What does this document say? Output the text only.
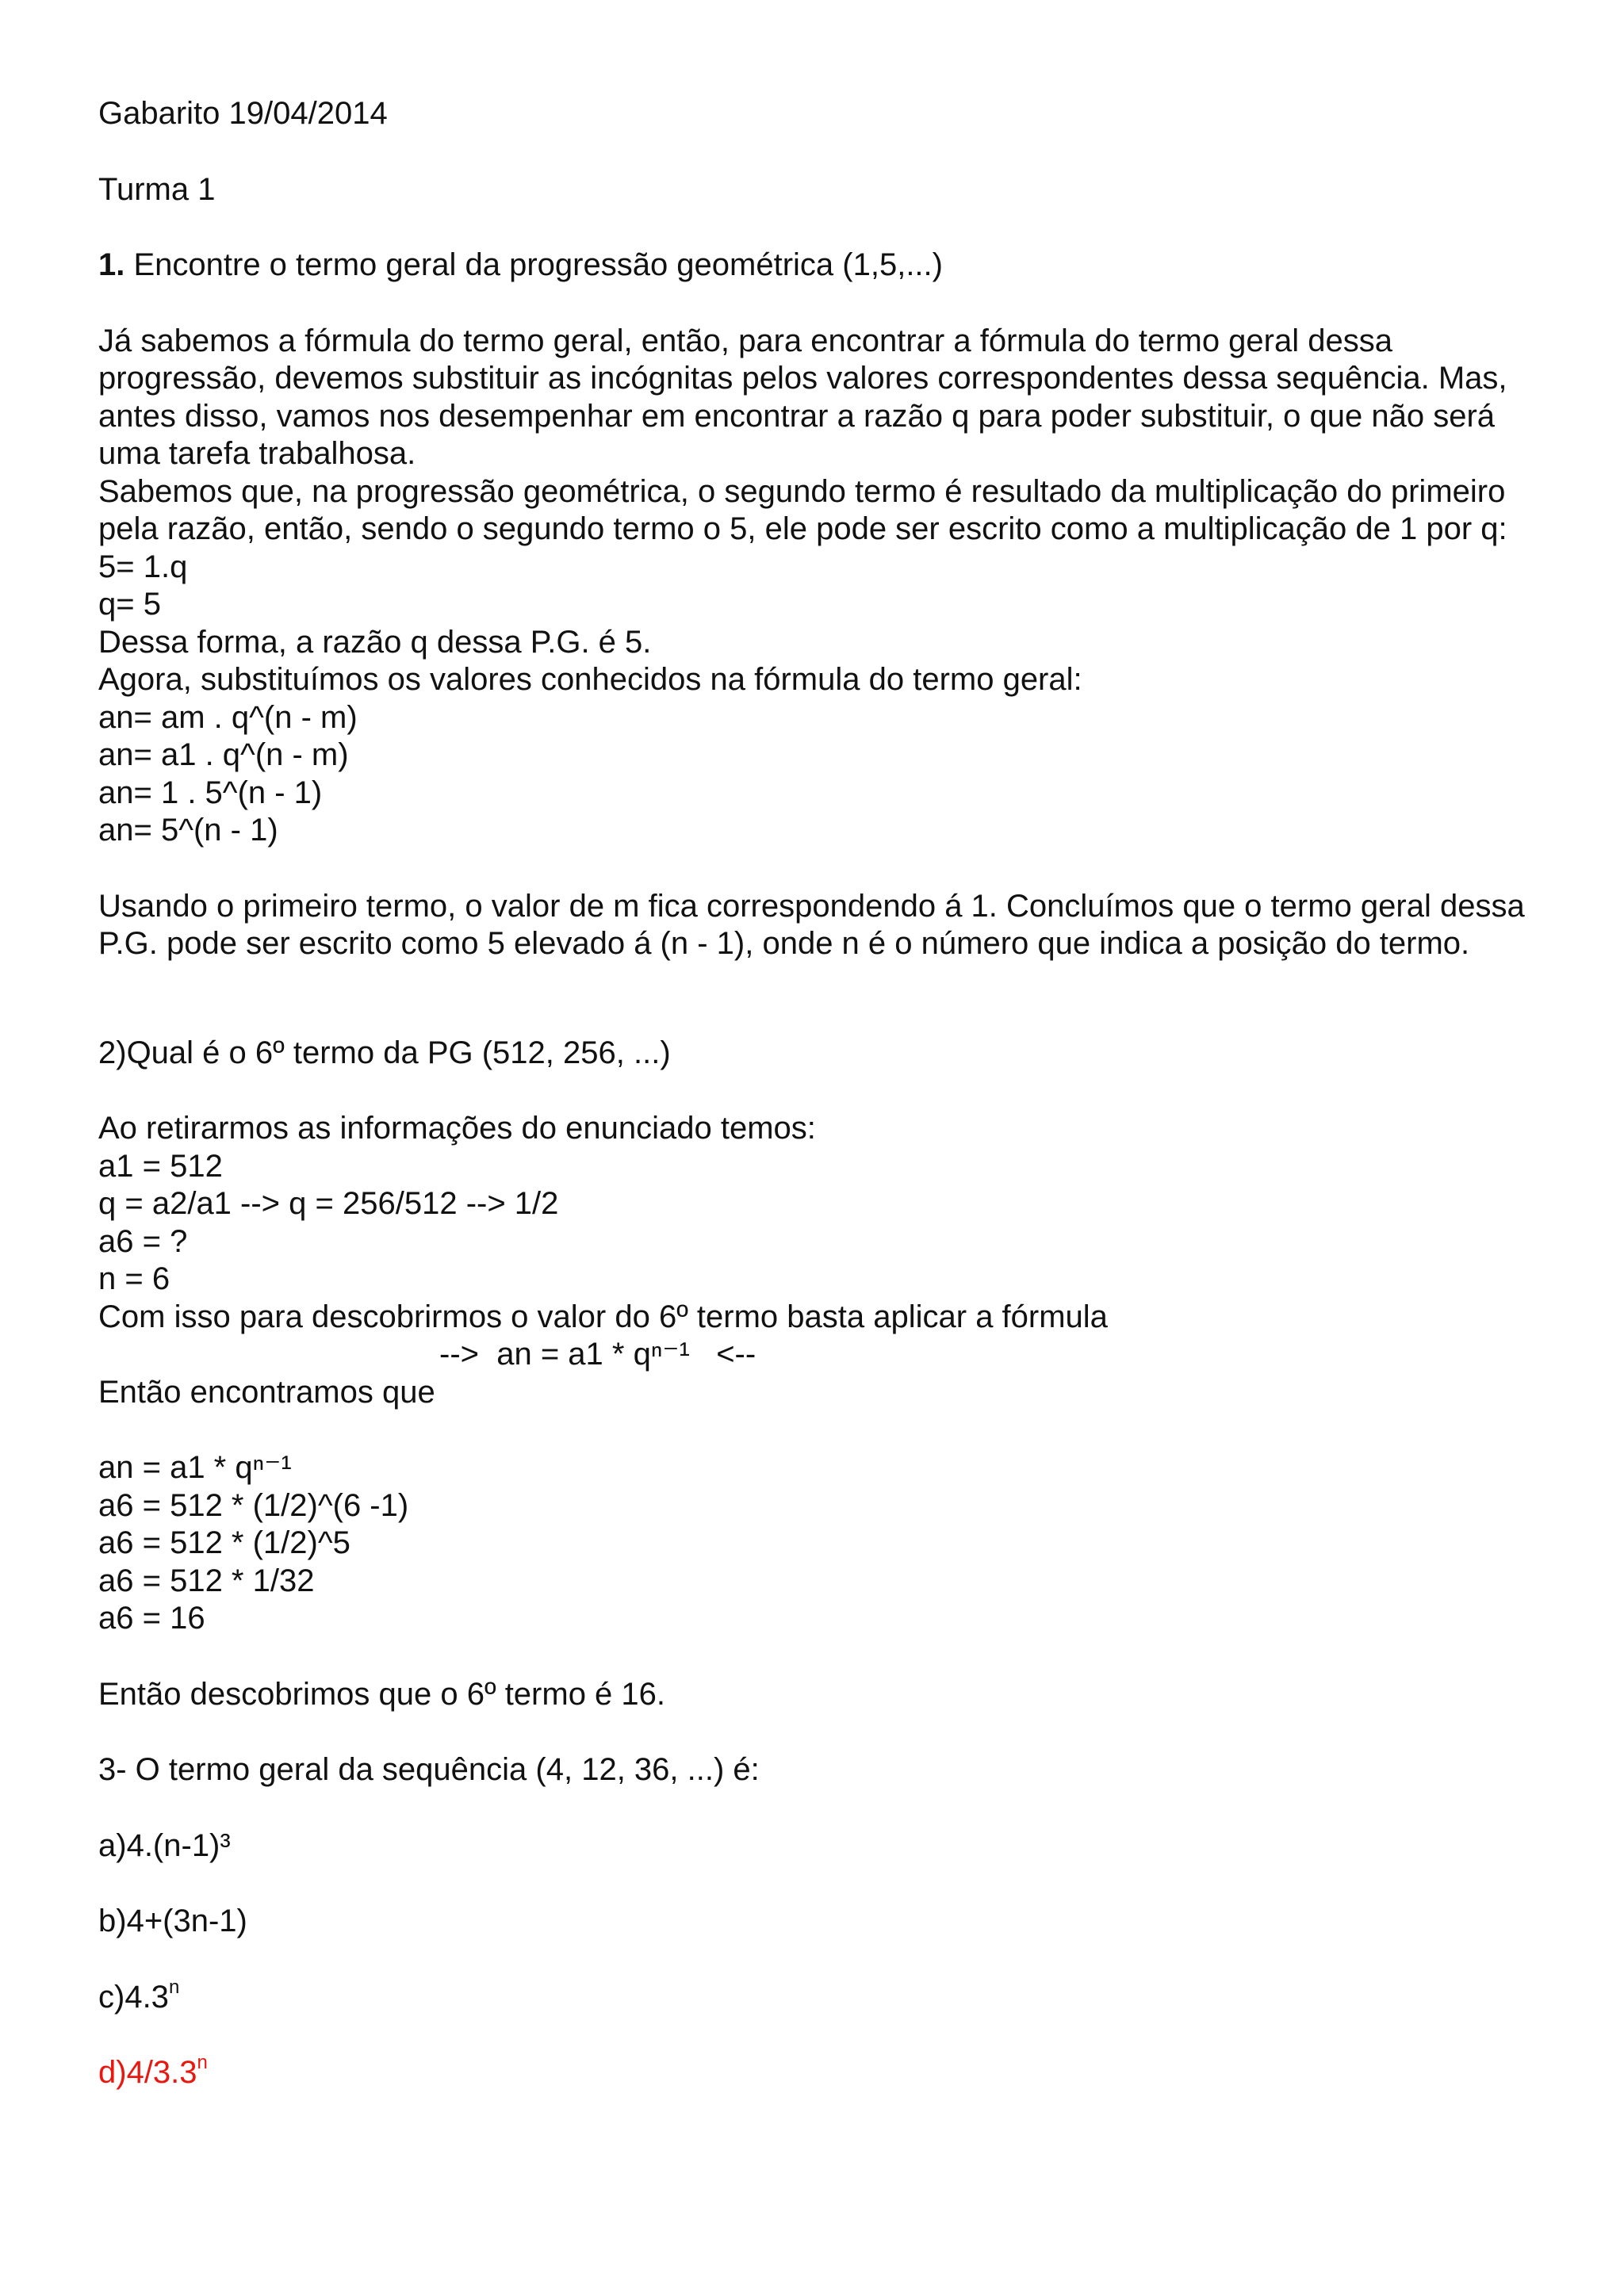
Gabarito 19/04/2014
Turma 1
1. Encontre o termo geral da progressão geométrica (1,5,...)
Já sabemos a fórmula do termo geral, então, para encontrar a fórmula do termo geral dessa progressão, devemos substituir as incógnitas pelos valores correspondentes dessa sequência. Mas, antes disso, vamos nos desempenhar em encontrar a razão q para poder substituir, o que não será uma tarefa trabalhosa.
Sabemos que, na progressão geométrica, o segundo termo é resultado da multiplicação do primeiro pela razão, então, sendo o segundo termo o 5, ele pode ser escrito como a multiplicação de 1 por q:
5= 1.q
q= 5
Dessa forma, a razão q dessa P.G. é 5.
Agora, substituímos os valores conhecidos na fórmula do termo geral:
an= am . q^(n - m)
an= a1 . q^(n - m)
an= 1 . 5^(n - 1)
an= 5^(n - 1)
Usando o primeiro termo, o valor de m fica correspondendo á 1. Concluímos que o termo geral dessa P.G. pode ser escrito como 5 elevado á (n - 1), onde n é o número que indica a posição do termo.
2)Qual é o 6º termo da PG (512, 256, ...)
Ao retirarmos as informações do enunciado temos:
a1 = 512
q = a2/a1 --> q = 256/512 --> 1/2
a6 = ?
n = 6
Com isso para descobrirmos o valor do 6º termo basta aplicar a fórmula
-->  an = a1 * qⁿ⁻¹   <--
Então encontramos que
an = a1 * qⁿ⁻¹
a6 = 512 * (1/2)^(6 -1)
a6 = 512 * (1/2)^5
a6 = 512 * 1/32
a6 = 16
Então descobrimos que o 6º termo é 16.
3- O termo geral da sequência (4, 12, 36, ...) é:
a)4.(n-1)³
b)4+(3n-1)
c)4.3$^n$
d)4/3.3$^n$
